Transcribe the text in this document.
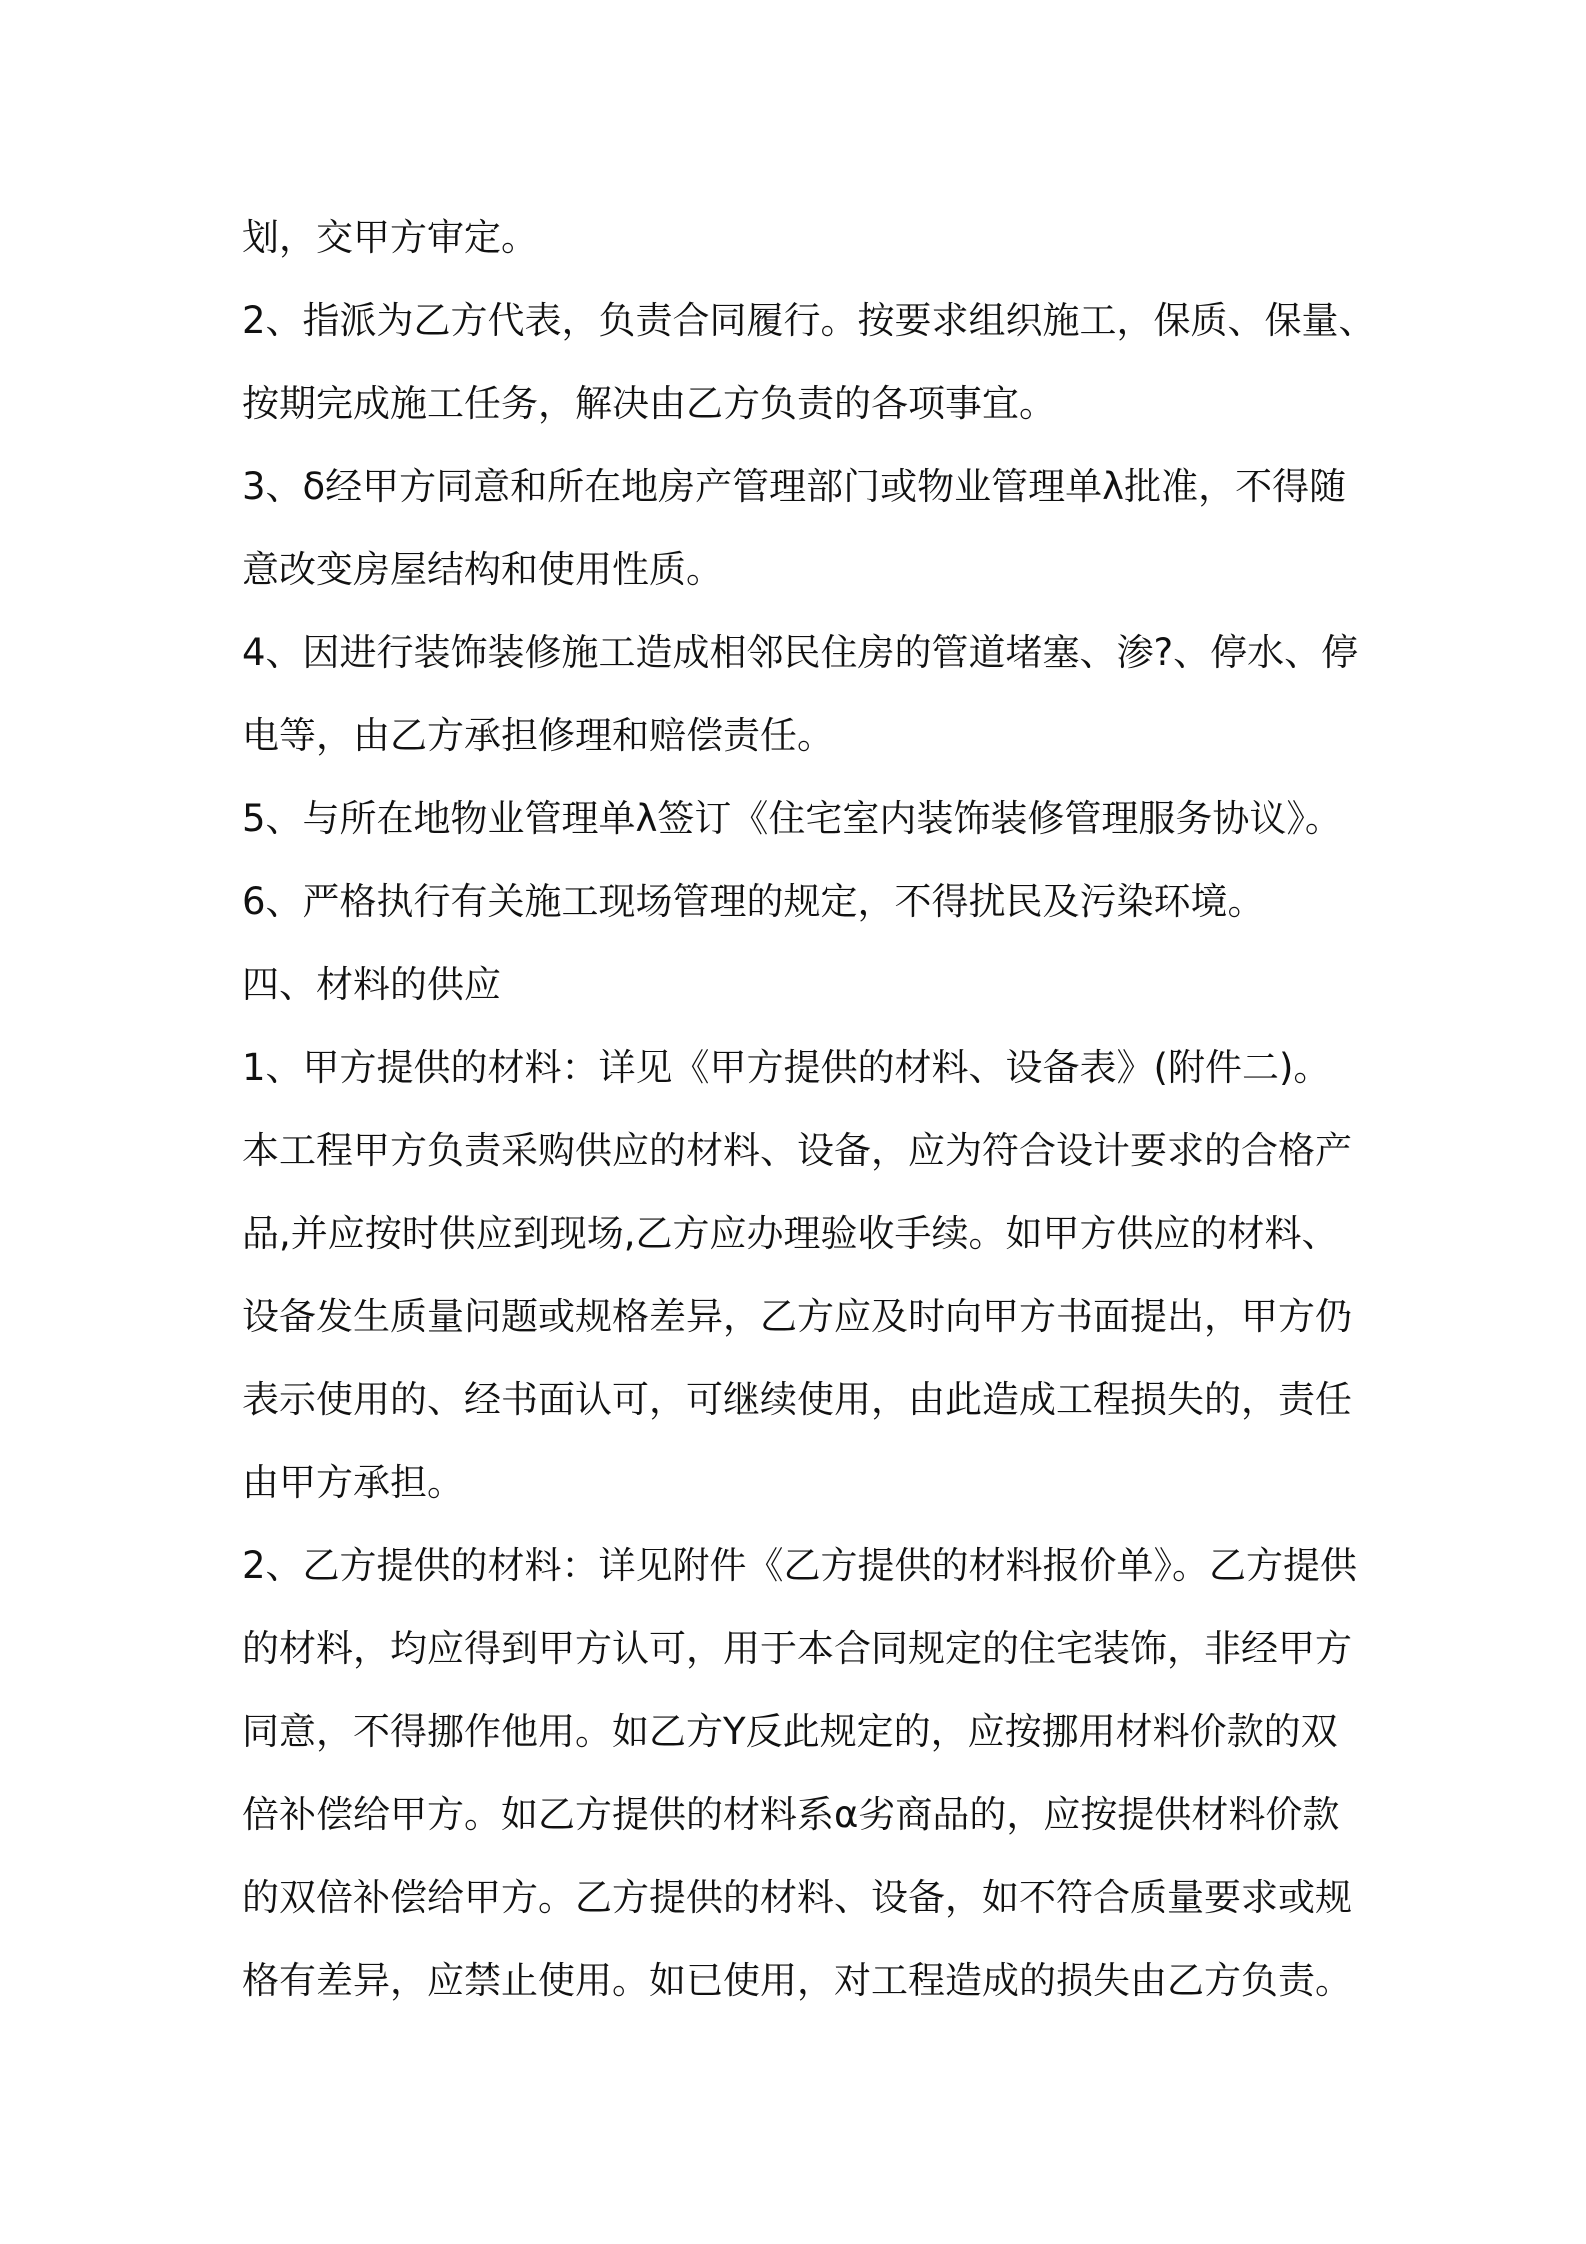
划，交甲方审定。
2、指派为乙方代表，负责合同履行。按要求组织施工，保质、保量、
按期完成施工任务，解决由乙方负责的各项事宜。
3、δ经甲方同意和所在地房产管理部门或物业管理单λ批准，不得随
意改变房屋结构和使用性质。
4、因进行装饰装修施工造成相邻民住房的管道堵塞、渗?、停水、停
电等，由乙方承担修理和赔偿责任。
5、与所在地物业管理单λ签订《住宅室内装饰装修管理服务协议》。
6、严格执行有关施工现场管理的规定，不得扰民及污染环境。
四、材料的供应
1、甲方提供的材料：详见《甲方提供的材料、设备表》(附件二)。
本工程甲方负责采购供应的材料、设备，应为符合设计要求的合格产
品,并应按时供应到现场,乙方应办理验收手续。如甲方供应的材料、
设备发生质量问题或规格差异，乙方应及时向甲方书面提出，甲方仍
表示使用的、经书面认可，可继续使用，由此造成工程损失的，责任
由甲方承担。
2、乙方提供的材料：详见附件《乙方提供的材料报价单》。乙方提供
的材料，均应得到甲方认可，用于本合同规定的住宅装饰，非经甲方
同意，不得挪作他用。如乙方Y反此规定的，应按挪用材料价款的双
倍补偿给甲方。如乙方提供的材料系α劣商品的，应按提供材料价款
的双倍补偿给甲方。乙方提供的材料、设备，如不符合质量要求或规
格有差异，应禁止使用。如已使用，对工程造成的损失由乙方负责。
